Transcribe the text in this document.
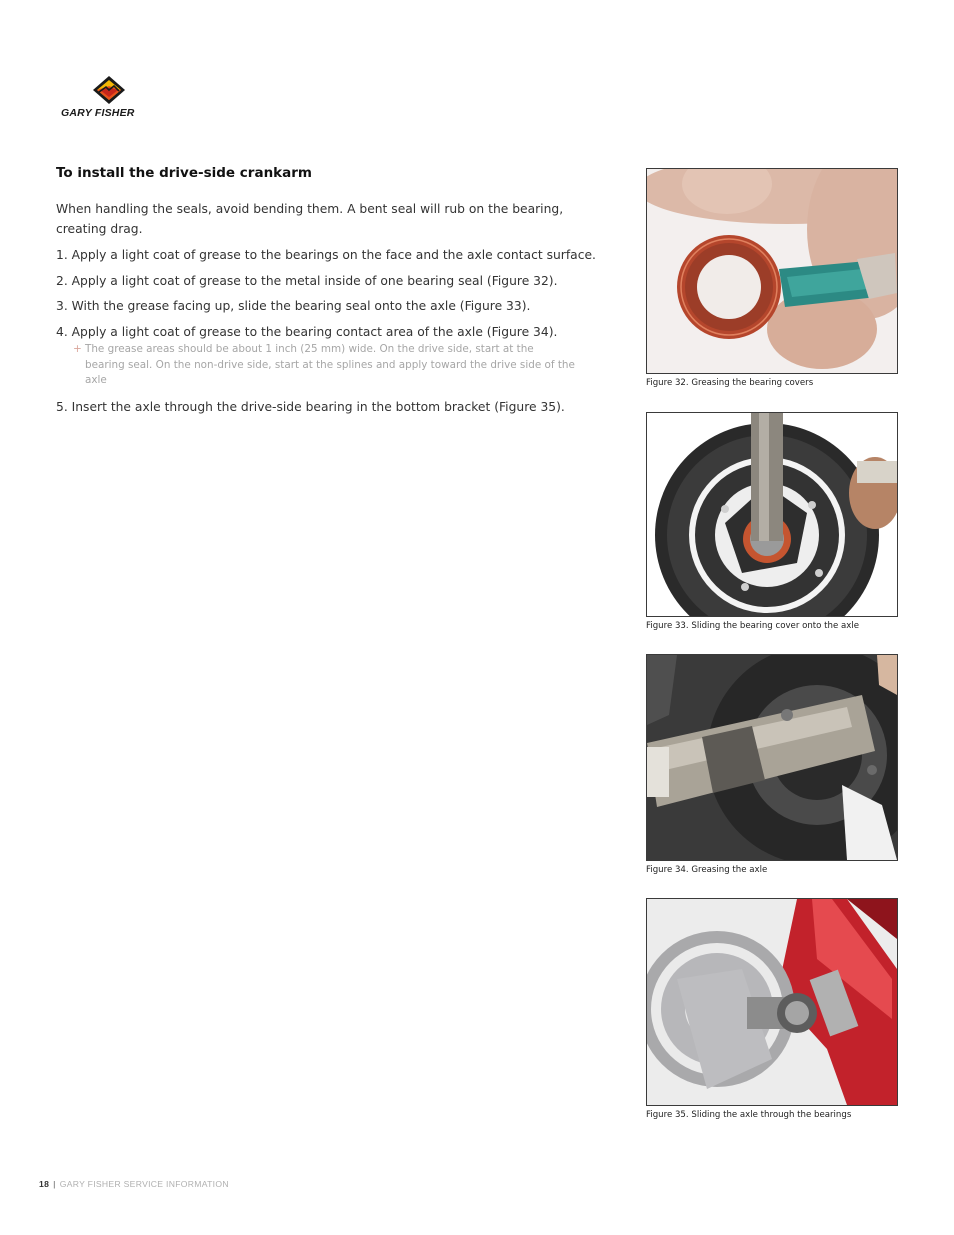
GARY FISHER
To install the drive-side crankarm

When handling the seals, avoid bending them. A bent seal will rub on the bearing, creating drag.

1. Apply a light coat of grease to the bearings on the face and the axle contact surface.
2. Apply a light coat of grease to the metal inside of one bearing seal (Figure 32).
3. With the grease facing up, slide the bearing seal onto the axle (Figure 33).
4. Apply a light coat of grease to the bearing contact area of the axle (Figure 34).
+ The grease areas should be about 1 inch (25 mm) wide. On the drive side, start at the bearing seal. On the non-drive side, start at the splines and apply toward the drive side of the axle
5. Insert the axle through the drive-side bearing in the bottom bracket (Figure 35).
Figure 32. Greasing the bearing covers
Figure 33. Sliding the bearing cover onto the axle
Figure 34. Greasing the axle
Figure 35. Sliding the axle through the bearings
18 | GARY FISHER SERVICE INFORMATION
